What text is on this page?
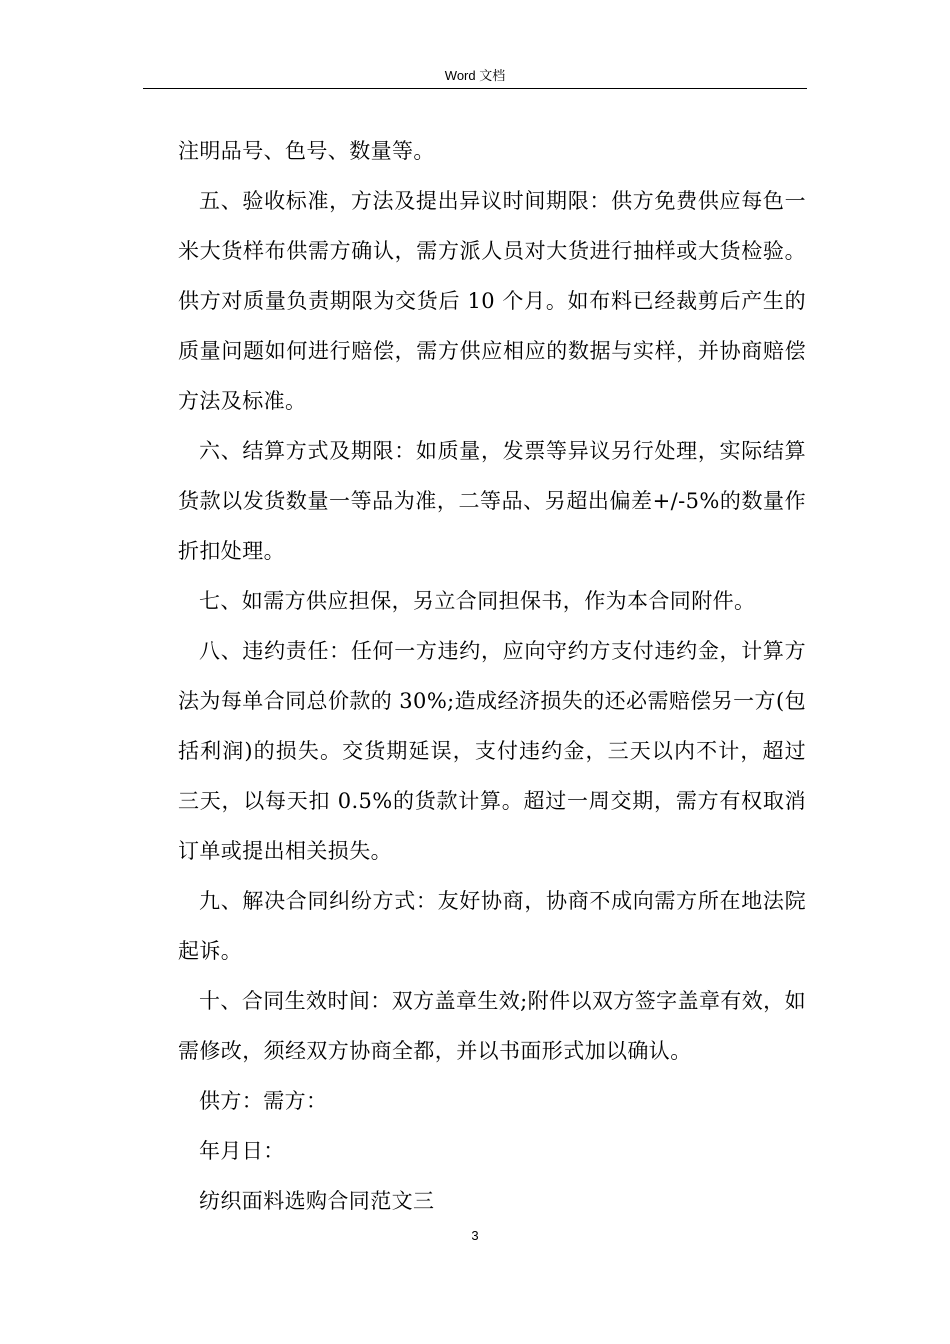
Word 文档

注明品号、色号、数量等。

五、验收标准，方法及提出异议时间期限：供方免费供应每色一米大货样布供需方确认，需方派人员对大货进行抽样或大货检验。供方对质量负责期限为交货后 10 个月。如布料已经裁剪后产生的质量问题如何进行赔偿，需方供应相应的数据与实样，并协商赔偿方法及标准。

六、结算方式及期限：如质量，发票等异议另行处理，实际结算货款以发货数量一等品为准，二等品、另超出偏差+/-5%的数量作折扣处理。

七、如需方供应担保，另立合同担保书，作为本合同附件。

八、违约责任：任何一方违约，应向守约方支付违约金，计算方法为每单合同总价款的 30%;造成经济损失的还必需赔偿另一方(包括利润)的损失。交货期延误，支付违约金，三天以内不计，超过三天，以每天扣 0.5%的货款计算。超过一周交期，需方有权取消订单或提出相关损失。

九、解决合同纠纷方式：友好协商，协商不成向需方所在地法院起诉。

十、合同生效时间：双方盖章生效;附件以双方签字盖章有效，如需修改，须经双方协商全都，并以书面形式加以确认。

供方：需方：

年月日：

纺织面料选购合同范文三

3
